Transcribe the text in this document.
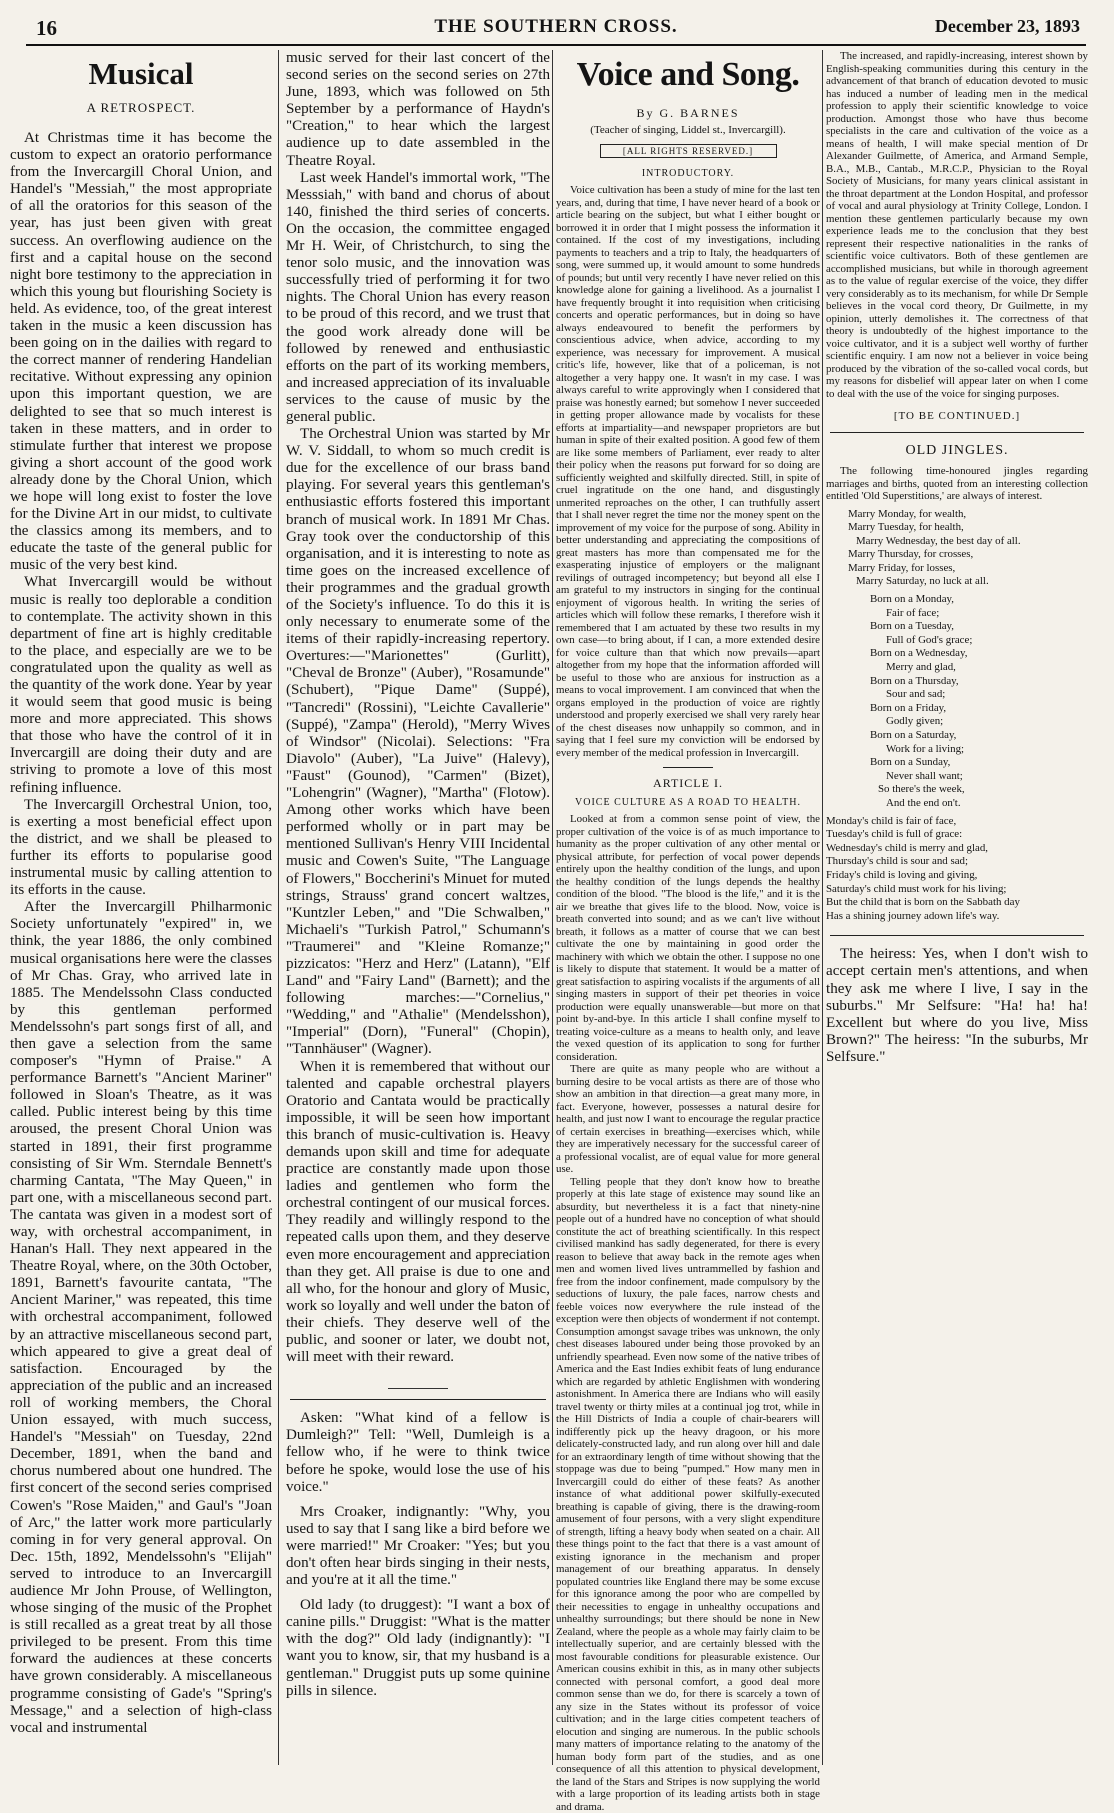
16	THE SOUTHERN CROSS.	December 23, 1893
Musical
A RETROSPECT.

At Christmas time it has become the custom to expect an oratorio performance from the Invercargill Choral Union, and Handel's "Messiah," the most appropriate of all the oratorios for this season of the year, has just been given with great success. An overflowing audience on the first and a capital house on the second night bore testimony to the appreciation in which this young but flourishing Society is held. As evidence, too, of the great interest taken in the music a keen discussion has been going on in the dailies with regard to the correct manner of rendering Handelian recitative. Without expressing any opinion upon this important question, we are delighted to see that so much interest is taken in these matters, and in order to stimulate further that interest we propose giving a short account of the good work already done by the Choral Union, which we hope will long exist to foster the love for the Divine Art in our midst, to cultivate the classics among its members, and to educate the taste of the general public for music of the very best kind.

What Invercargill would be without music is really too deplorable a condition to contemplate. The activity shown in this department of fine art is highly creditable to the place, and especially are we to be congratulated upon the quality as well as the quantity of the work done. Year by year it would seem that good music is being more and more appreciated. This shows that those who have the control of it in Invercargill are doing their duty and are striving to promote a love of this most refining influence.

The Invercargill Orchestral Union, too, is exerting a most beneficial effect upon the district, and we shall be pleased to further its efforts to popularise good instrumental music by calling attention to its efforts in the cause.

After the Invercargill Philharmonic Society unfortunately "expired" in, we think, the year 1886, the only combined musical organisations here were the classes of Mr Chas. Gray, who arrived late in 1885. The Mendelssohn Class conducted by this gentleman performed Mendelssohn's part songs first of all, and then gave a selection from the same composer's "Hymn of Praise." A performance Barnett's "Ancient Mariner" followed in Sloan's Theatre, as it was called. Public interest being by this time aroused, the present Choral Union was started in 1891, their first programme consisting of Sir Wm. Sterndale Bennett's charming Cantata, "The May Queen," in part one, with a miscellaneous second part. The cantata was given in a modest sort of way, with orchestral accompaniment, in Hanan's Hall. They next appeared in the Theatre Royal, where, on the 30th October, 1891, Barnett's favourite cantata, "The Ancient Mariner," was repeated, this time with orchestral accompaniment, followed by an attractive miscellaneous second part, which appeared to give a great deal of satisfaction. Encouraged by the appreciation of the public and an increased roll of working members, the Choral Union essayed, with much success, Handel's "Messiah" on Tuesday, 22nd December, 1891, when the band and chorus numbered about one hundred. The first concert of the second series comprised Cowen's "Rose Maiden," and Gaul's "Joan of Arc," the latter work more particularly coming in for very general approval. On Dec. 15th, 1892, Mendelssohn's "Elijah" served to introduce to an Invercargill audience Mr John Prouse, of Wellington, whose singing of the music of the Prophet is still recalled as a great treat by all those privileged to be present. From this time forward the audiences at these concerts have grown considerably. A miscellaneous programme consisting of Gade's "Spring's Message," and a selection of high-class vocal and instrumental

music served for their last concert of the second series on the second series on 27th June, 1893, which was followed on 5th September by a performance of Haydn's "Creation," to hear which the largest audience up to date assembled in the Theatre Royal.

Last week Handel's immortal work, "The Messsiah," with band and chorus of about 140, finished the third series of concerts. On the occasion, the committee engaged Mr H. Weir, of Christchurch, to sing the tenor solo music, and the innovation was successfully tried of performing it for two nights. The Choral Union has every reason to be proud of this record, and we trust that the good work already done will be followed by renewed and enthusiastic efforts on the part of its working members, and increased appreciation of its invaluable services to the cause of music by the general public.

The Orchestral Union was started by Mr W. V. Siddall, to whom so much credit is due for the excellence of our brass band playing. For several years this gentleman's enthusiastic efforts fostered this important branch of musical work. In 1891 Mr Chas. Gray took over the conductorship of this organisation, and it is interesting to note as time goes on the increased excellence of their programmes and the gradual growth of the Society's influence. To do this it is only necessary to enumerate some of the items of their rapidly-increasing repertory. Overtures:—"Marionettes" (Gurlitt), "Cheval de Bronze" (Auber), "Rosamunde" (Schubert), "Pique Dame" (Suppé), "Tancredi" (Rossini), "Leichte Cavallerie" (Suppé), "Zampa" (Herold), "Merry Wives of Windsor" (Nicolai). Selections: "Fra Diavolo" (Auber), "La Juive" (Halevy), "Faust" (Gounod), "Carmen" (Bizet), "Lohengrin" (Wagner), "Martha" (Flotow). Among other works which have been performed wholly or in part may be mentioned Sullivan's Henry VIII Incidental music and Cowen's Suite, "The Language of Flowers," Boccherini's Minuet for muted strings, Strauss' grand concert waltzes, "Kuntzler Leben," and "Die Schwalben," Michaeli's "Turkish Patrol," Schumann's "Traumerei" and "Kleine Romanze;" pizzicatos: "Herz and Herz" (Latann), "Elf Land" and "Fairy Land" (Barnett); and the following marches:—"Cornelius," "Wedding," and "Athalie" (Mendelsshon), "Imperial" (Dorn), "Funeral" (Chopin), "Tannhäuser" (Wagner).

When it is remembered that without our talented and capable orchestral players Oratorio and Cantata would be practically impossible, it will be seen how important this branch of music-cultivation is. Heavy demands upon skill and time for adequate practice are constantly made upon those ladies and gentlemen who form the orchestral contingent of our musical forces. They readily and willingly respond to the repeated calls upon them, and they deserve even more encouragement and appreciation than they get. All praise is due to one and all who, for the honour and glory of Music, work so loyally and well under the baton of their chiefs. They deserve well of the public, and sooner or later, we doubt not, will meet with their reward.

Asken: "What kind of a fellow is Dumleigh?" Tell: "Well, Dumleigh is a fellow who, if he were to think twice before he spoke, would lose the use of his voice."

Mrs Croaker, indignantly: "Why, you used to say that I sang like a bird before we were married!" Mr Croaker: "Yes; but you don't often hear birds singing in their nests, and you're at it all the time."

Old lady (to druggest): "I want a box of canine pills." Druggist: "What is the matter with the dog?" Old lady (indignantly): "I want you to know, sir, that my husband is a gentleman." Druggist puts up some quinine pills in silence.

Voice and Song.
By G. BARNES
(Teacher of singing, Liddel st., Invercargill).
[ALL RIGHTS RESERVED.]
INTRODUCTORY.

Voice cultivation has been a study of mine for the last ten years, and, during that time, I have never heard of a book or article bearing on the subject, but what I either bought or borrowed it in order that I might possess the information it contained. If the cost of my investigations, including payments to teachers and a trip to Italy, the headquarters of song, were summed up, it would amount to some hundreds of pounds; but until very recently I have never relied on this knowledge alone for gaining a livelihood. As a journalist I have frequently brought it into requisition when criticising concerts and operatic performances, but in doing so have always endeavoured to benefit the performers by conscientious advice, when advice, according to my experience, was necessary for improvement. A musical critic's life, however, like that of a policeman, is not altogether a very happy one. It wasn't in my case. I was always careful to write approvingly when I considered that praise was honestly earned; but somehow I never succeeded in getting proper allowance made by vocalists for these efforts at impartiality—and newspaper proprietors are but human in spite of their exalted position. A good few of them are like some members of Parliament, ever ready to alter their policy when the reasons put forward for so doing are sufficiently weighted and skilfully directed. Still, in spite of cruel ingratitude on the one hand, and disgustingly unmerited reproaches on the other, I can truthfully assert that I shall never regret the time nor the money spent on the improvement of my voice for the purpose of song. Ability in better understanding and appreciating the compositions of great masters has more than compensated me for the exasperating injustice of employers or the malignant revilings of outraged incompetency; but beyond all else I am grateful to my instructors in singing for the continual enjoyment of vigorous health. In writing the series of articles which will follow these remarks, I therefore wish it remembered that I am actuated by these two results in my own case—to bring about, if I can, a more extended desire for voice culture than that which now prevails—apart altogether from my hope that the information afforded will be useful to those who are anxious for instruction as a means to vocal improvement. I am convinced that when the organs employed in the production of voice are rightly understood and properly exercised we shall very rarely hear of the chest diseases now unhappily so common, and in saying that I feel sure my conviction will be endorsed by every member of the medical profession in Invercargill.

ARTICLE I.
VOICE CULTURE AS A ROAD TO HEALTH.

Looked at from a common sense point of view, the proper cultivation of the voice is of as much importance to humanity as the proper cultivation of any other mental or physical attribute, for perfection of vocal power depends entirely upon the healthy condition of the lungs, and upon the healthy condition of the lungs depends the healthy condition of the blood. "The blood is the life," and it is the air we breathe that gives life to the blood. Now, voice is breath converted into sound; and as we can't live without breath, it follows as a matter of course that we can best cultivate the one by maintaining in good order the machinery with which we obtain the other. I suppose no one is likely to dispute that statement. It would be a matter of great satisfaction to aspiring vocalists if the arguments of all singing masters in support of their pet theories in voice production were equally unanswerable—but more on that point by-and-bye. In this article I shall confine myself to treating voice-culture as a means to health only, and leave the vexed question of its application to song for further consideration.

There are quite as many people who are without a burning desire to be vocal artists as there are of those who show an ambition in that direction—a great many more, in fact. Everyone, however, possesses a natural desire for health, and just now I want to encourage the regular practice of certain exercises in breathing—exercises which, while they are imperatively necessary for the successful career of a professional vocalist, are of equal value for more general use.

Telling people that they don't know how to breathe properly at this late stage of existence may sound like an absurdity, but nevertheless it is a fact that ninety-nine people out of a hundred have no conception of what should constitute the act of breathing scientifically. In this respect civilised mankind has sadly degenerated, for there is every reason to believe that away back in the remote ages when men and women lived lives untrammelled by fashion and free from the indoor confinement, made compulsory by the seductions of luxury, the pale faces, narrow chests and feeble voices now everywhere the rule instead of the exception were then objects of wonderment if not contempt. Consumption amongst savage tribes was unknown, the only chest diseases laboured under being those provoked by an unfriendly spearhead. Even now some of the native tribes of America and the East Indies exhibit feats of lung endurance which are regarded by athletic Englishmen with wondering astonishment. In America there are Indians who will easily travel twenty or thirty miles at a continual jog trot, while in the Hill Districts of India a couple of chair-bearers will indifferently pick up the heavy dragoon, or his more delicately-constructed lady, and run along over hill and dale for an extraordinary length of time without showing that the stoppage was due to being "pumped." How many men in Invercargill could do either of these feats? As another instance of what additional power skilfully-executed breathing is capable of giving, there is the drawing-room amusement of four persons, with a very slight expenditure of strength, lifting a heavy body when seated on a chair. All these things point to the fact that there is a vast amount of existing ignorance in the mechanism and proper management of our breathing apparatus. In densely populated countries like England there may be some excuse for this ignorance among the poor who are compelled by their necessities to engage in unhealthy occupations and unhealthy surroundings; but there should be none in New Zealand, where the people as a whole may fairly claim to be intellectually superior, and are certainly blessed with the most favourable conditions for pleasurable existence. Our American cousins exhibit in this, as in many other subjects connected with personal comfort, a good deal more common sense than we do, for there is scarcely a town of any size in the States without its professor of voice cultivation; and in the large cities competent teachers of elocution and singing are numerous. In the public schools many matters of importance relating to the anatomy of the human body form part of the studies, and as one consequence of all this attention to physical development, the land of the Stars and Stripes is now supplying the world with a large proportion of its leading artists both in stage and drama.

The increased, and rapidly-increasing, interest shown by English-speaking communities during this century in the advancement of that branch of education devoted to music has induced a number of leading men in the medical profession to apply their scientific knowledge to voice production. Amongst those who have thus become specialists in the care and cultivation of the voice as a means of health, I will make special mention of Dr Alexander Guilmette, of America, and Armand Semple, B.A., M.B., Cantab., M.R.C.P., Physician to the Royal Society of Musicians, for many years clinical assistant in the throat department at the London Hospital, and professor of vocal and aural physiology at Trinity College, London. I mention these gentlemen particularly because my own experience leads me to the conclusion that they best represent their respective nationalities in the ranks of scientific voice cultivators. Both of these gentlemen are accomplished musicians, but while in thorough agreement as to the value of regular exercise of the voice, they differ very considerably as to its mechanism, for while Dr Semple believes in the vocal cord theory, Dr Guilmette, in my opinion, utterly demolishes it. The correctness of that theory is undoubtedly of the highest importance to the voice cultivator, and it is a subject well worthy of further scientific enquiry. I am now not a believer in voice being produced by the vibration of the so-called vocal cords, but my reasons for disbelief will appear later on when I come to deal with the use of the voice for singing purposes.

[TO BE CONTINUED.]
OLD JINGLES.

The following time-honoured jingles regarding marriages and births, quoted from an interesting collection entitled 'Old Superstitions,' are always of interest.

Marry Monday, for wealth,

Marry Tuesday, for health,

Marry Wednesday, the best day of all.

Marry Thursday, for crosses,

Marry Friday, for losses,

Marry Saturday, no luck at all.

Born on a Monday,

Fair of face;

Born on a Tuesday,

Full of God's grace;

Born on a Wednesday,

Merry and glad,

Born on a Thursday,

Sour and sad;

Born on a Friday,

Godly given;

Born on a Saturday,

Work for a living;

Born on a Sunday,

Never shall want;

So there's the week,

And the end on't.

Monday's child is fair of face,

Tuesday's child is full of grace:

Wednesday's child is merry and glad,

Thursday's child is sour and sad;

Friday's child is loving and giving,

Saturday's child must work for his living;

But the child that is born on the Sabbath day

Has a shining journey adown life's way.

The heiress: Yes, when I don't wish to accept certain men's attentions, and when they ask me where I live, I say in the suburbs." Mr Selfsure: "Ha! ha! ha! Excellent but where do you live, Miss Brown?" The heiress: "In the suburbs, Mr Selfsure."
